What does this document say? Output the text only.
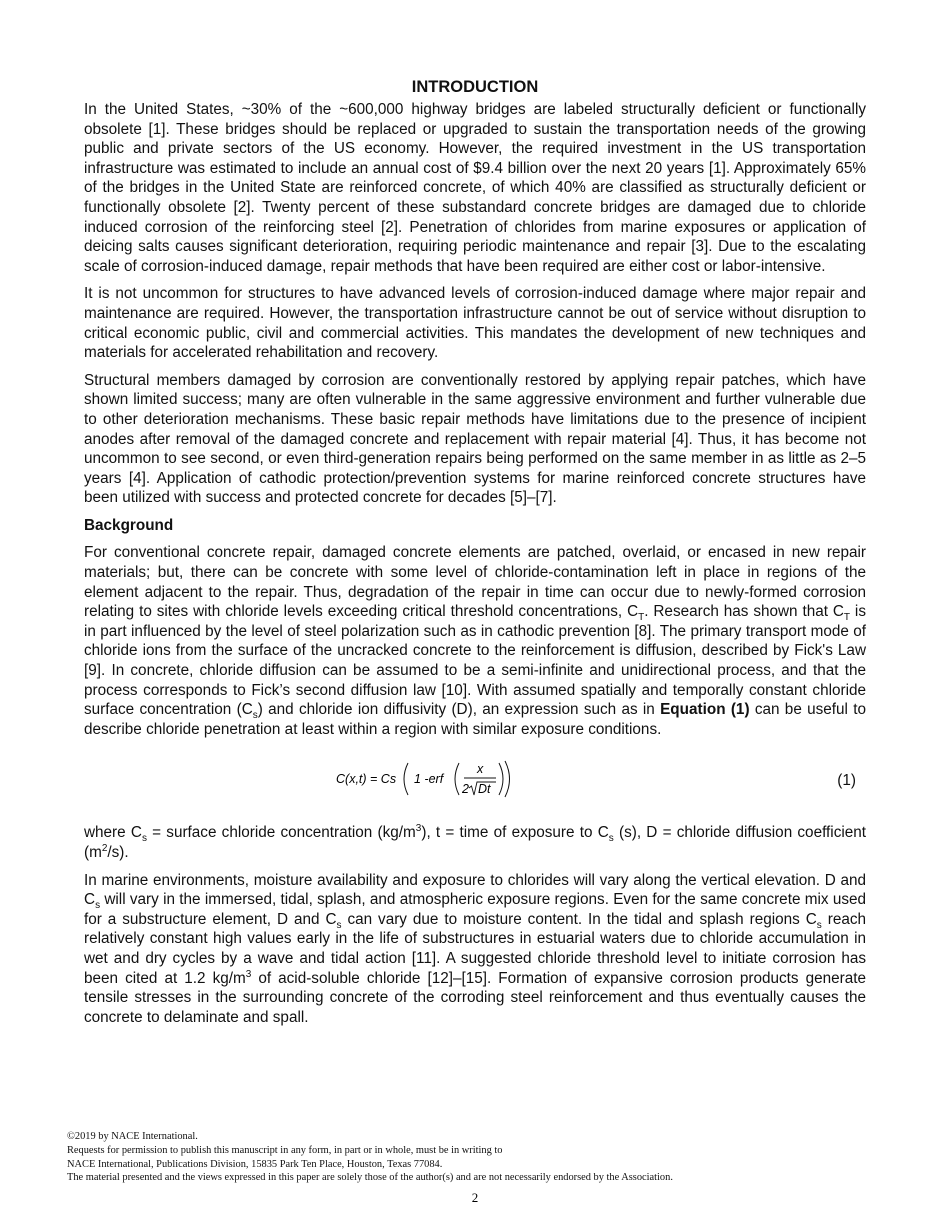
INTRODUCTION

In the United States, ~30% of the ~600,000 highway bridges are labeled structurally deficient or functionally obsolete [1]. These bridges should be replaced or upgraded to sustain the transportation needs of the growing public and private sectors of the US economy. However, the required investment in the US transportation infrastructure was estimated to include an annual cost of $9.4 billion over the next 20 years [1]. Approximately 65% of the bridges in the United State are reinforced concrete, of which 40% are classified as structurally deficient or functionally obsolete [2]. Twenty percent of these substandard concrete bridges are damaged due to chloride induced corrosion of the reinforcing steel [2]. Penetration of chlorides from marine exposures or application of deicing salts causes significant deterioration, requiring periodic maintenance and repair [3]. Due to the escalating scale of corrosion-induced damage, repair methods that have been required are either cost or labor-intensive.

It is not uncommon for structures to have advanced levels of corrosion-induced damage where major repair and maintenance are required. However, the transportation infrastructure cannot be out of service without disruption to critical economic public, civil and commercial activities. This mandates the development of new techniques and materials for accelerated rehabilitation and recovery.

Structural members damaged by corrosion are conventionally restored by applying repair patches, which have shown limited success; many are often vulnerable in the same aggressive environment and further vulnerable due to other deterioration mechanisms. These basic repair methods have limitations due to the presence of incipient anodes after removal of the damaged concrete and replacement with repair material [4]. Thus, it has become not uncommon to see second, or even third-generation repairs being performed on the same member in as little as 2–5 years [4]. Application of cathodic protection/prevention systems for marine reinforced concrete structures have been utilized with success and protected concrete for decades [5]–[7].

Background

For conventional concrete repair, damaged concrete elements are patched, overlaid, or encased in new repair materials; but, there can be concrete with some level of chloride-contamination left in place in regions of the element adjacent to the repair. Thus, degradation of the repair in time can occur due to newly-formed corrosion relating to sites with chloride levels exceeding critical threshold concentrations, $C_T$. Research has shown that $C_T$ is in part influenced by the level of steel polarization such as in cathodic prevention [8]. The primary transport mode of chloride ions from the surface of the uncracked concrete to the reinforcement is diffusion, described by Fick's Law [9]. In concrete, chloride diffusion can be assumed to be a semi-infinite and unidirectional process, and that the process corresponds to Fick’s second diffusion law [10]. With assumed spatially and temporally constant chloride surface concentration $(C_s)$ and chloride ion diffusivity (D), an expression such as in Equation (1) can be useful to describe chloride penetration at least within a region with similar exposure conditions.

C(x,t) = Cs 1 -erf
x
2 Dt	(1)

where $C_s$ = surface chloride concentration $(kg/m^3)$, t = time of exposure to $C_s$ (s), D = chloride diffusion coefficient $(m^2/s)$.

In marine environments, moisture availability and exposure to chlorides will vary along the vertical elevation. D and $C_s$ will vary in the immersed, tidal, splash, and atmospheric exposure regions. Even for the same concrete mix used for a substructure element, D and $C_s$ can vary due to moisture content. In the tidal and splash regions $C_s$ reach relatively constant high values early in the life of substructures in estuarial waters due to chloride accumulation in wet and dry cycles by a wave and tidal action [11]. A suggested chloride threshold level to initiate corrosion has been cited at 1.2 $kg/m^3$ of acid-soluble chloride [12]–[15]. Formation of expansive corrosion products generate tensile stresses in the surrounding concrete of the corroding steel reinforcement and thus eventually causes the concrete to delaminate and spall.

©2019 by NACE International.
Requests for permission to publish this manuscript in any form, in part or in whole, must be in writing to
NACE International, Publications Division, 15835 Park Ten Place, Houston, Texas 77084.
The material presented and the views expressed in this paper are solely those of the author(s) and are not necessarily endorsed by the Association.
2
